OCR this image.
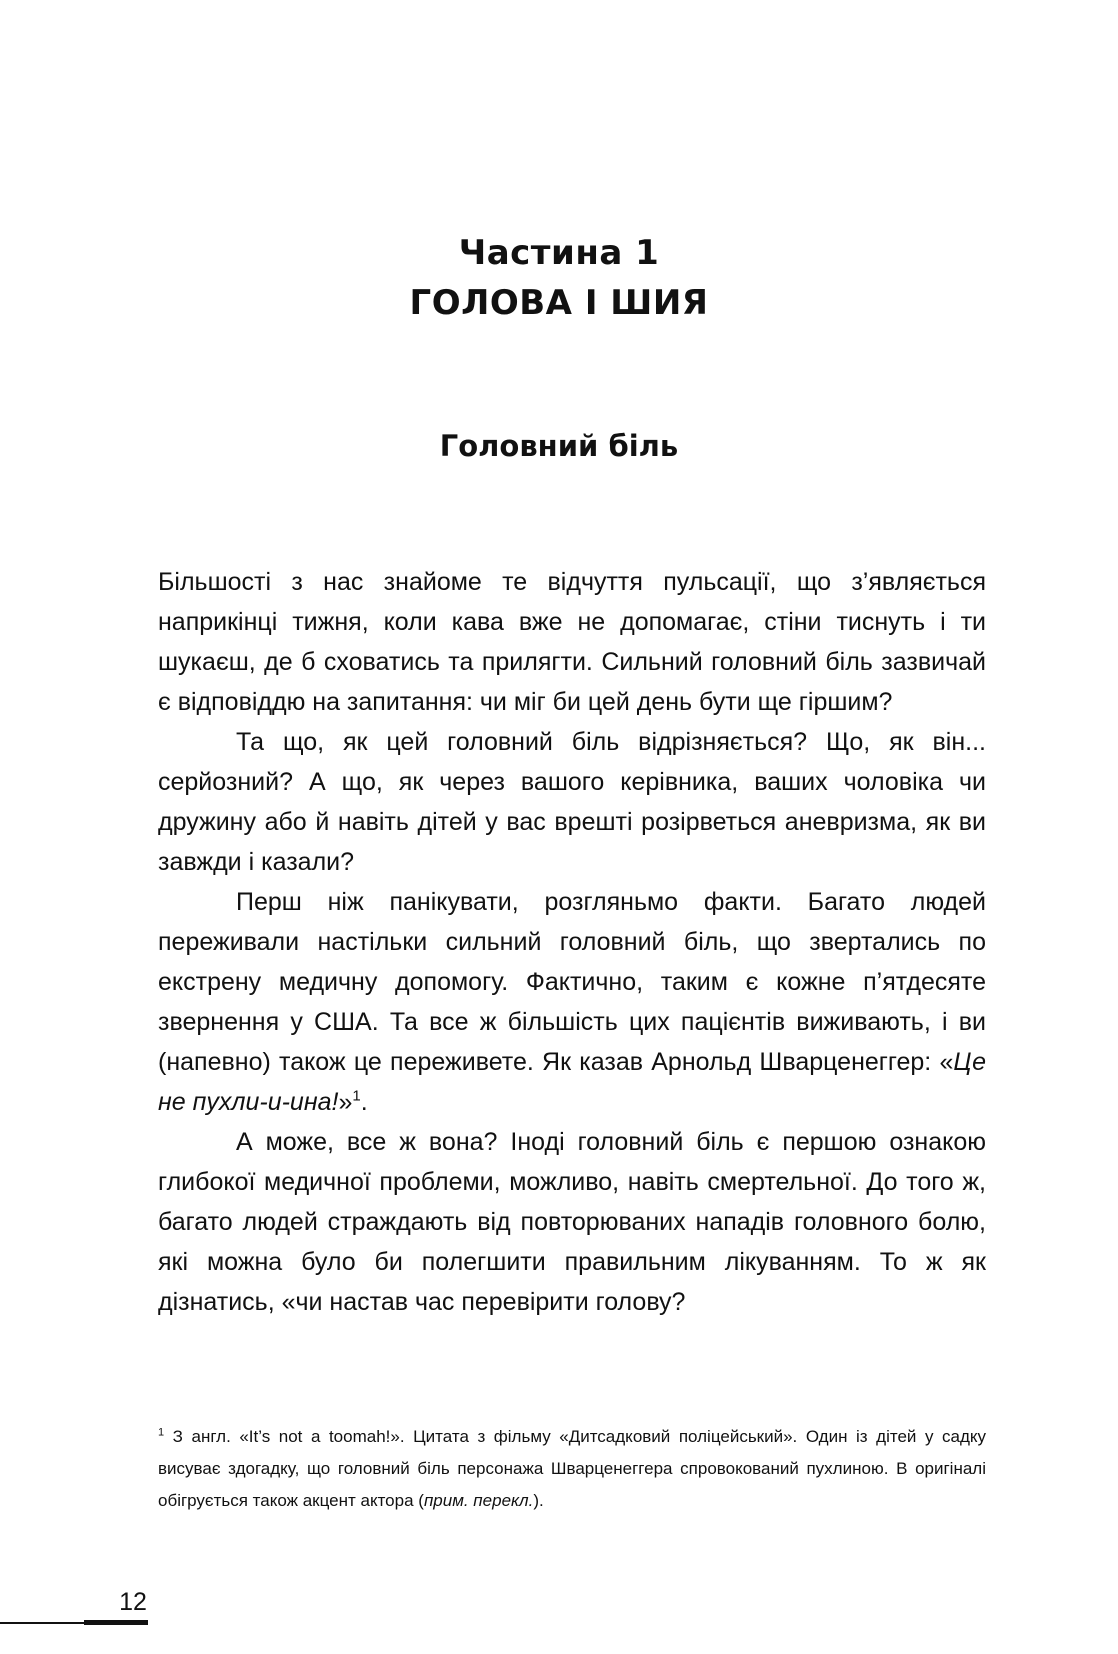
Частина 1
ГОЛОВА І ШИЯ
Головний біль

Більшості з нас знайоме те відчуття пульсації, що з’являється наприкінці тижня, коли кава вже не допомагає, стіни тиснуть і ти шукаєш, де б сховатись та прилягти. Сильний головний біль зазвичай є відповіддю на запитання: чи міг би цей день бути ще гіршим?

Та що, як цей головний біль відрізняється? Що, як він... серйозний? А що, як через вашого керівника, ваших чоловіка чи дружину або й навіть дітей у вас врешті розірветься аневризма, як ви завжди і казали?

Перш ніж панікувати, розгляньмо факти. Багато людей переживали настільки сильний головний біль, що звертались по екстрену медичну допомогу. Фактично, таким є кожне п’ятдесяте звернення у США. Та все ж більшість цих пацієнтів виживають, і ви (напевно) також це переживете. Як казав Арнольд Шварценеггер: «Це не пухли-и-ина!»$^1$.

А може, все ж вона? Іноді головний біль є першою ознакою глибокої медичної проблеми, можливо, навіть смертельної. До того ж, багато людей страждають від повторюваних нападів головного болю, які можна було би полегшити правильним лікуванням. То ж як дізнатись, «чи настав час перевірити голову?

$^1$ З англ. «It’s not a toomah!». Цитата з фільму «Дитсадковий поліцейський». Один із дітей у садку висуває здогадку, що головний біль персонажа Шварценеггера спровокований пухлиною. В оригіналі обігрується також акцент актора (прим. перекл.).

12
